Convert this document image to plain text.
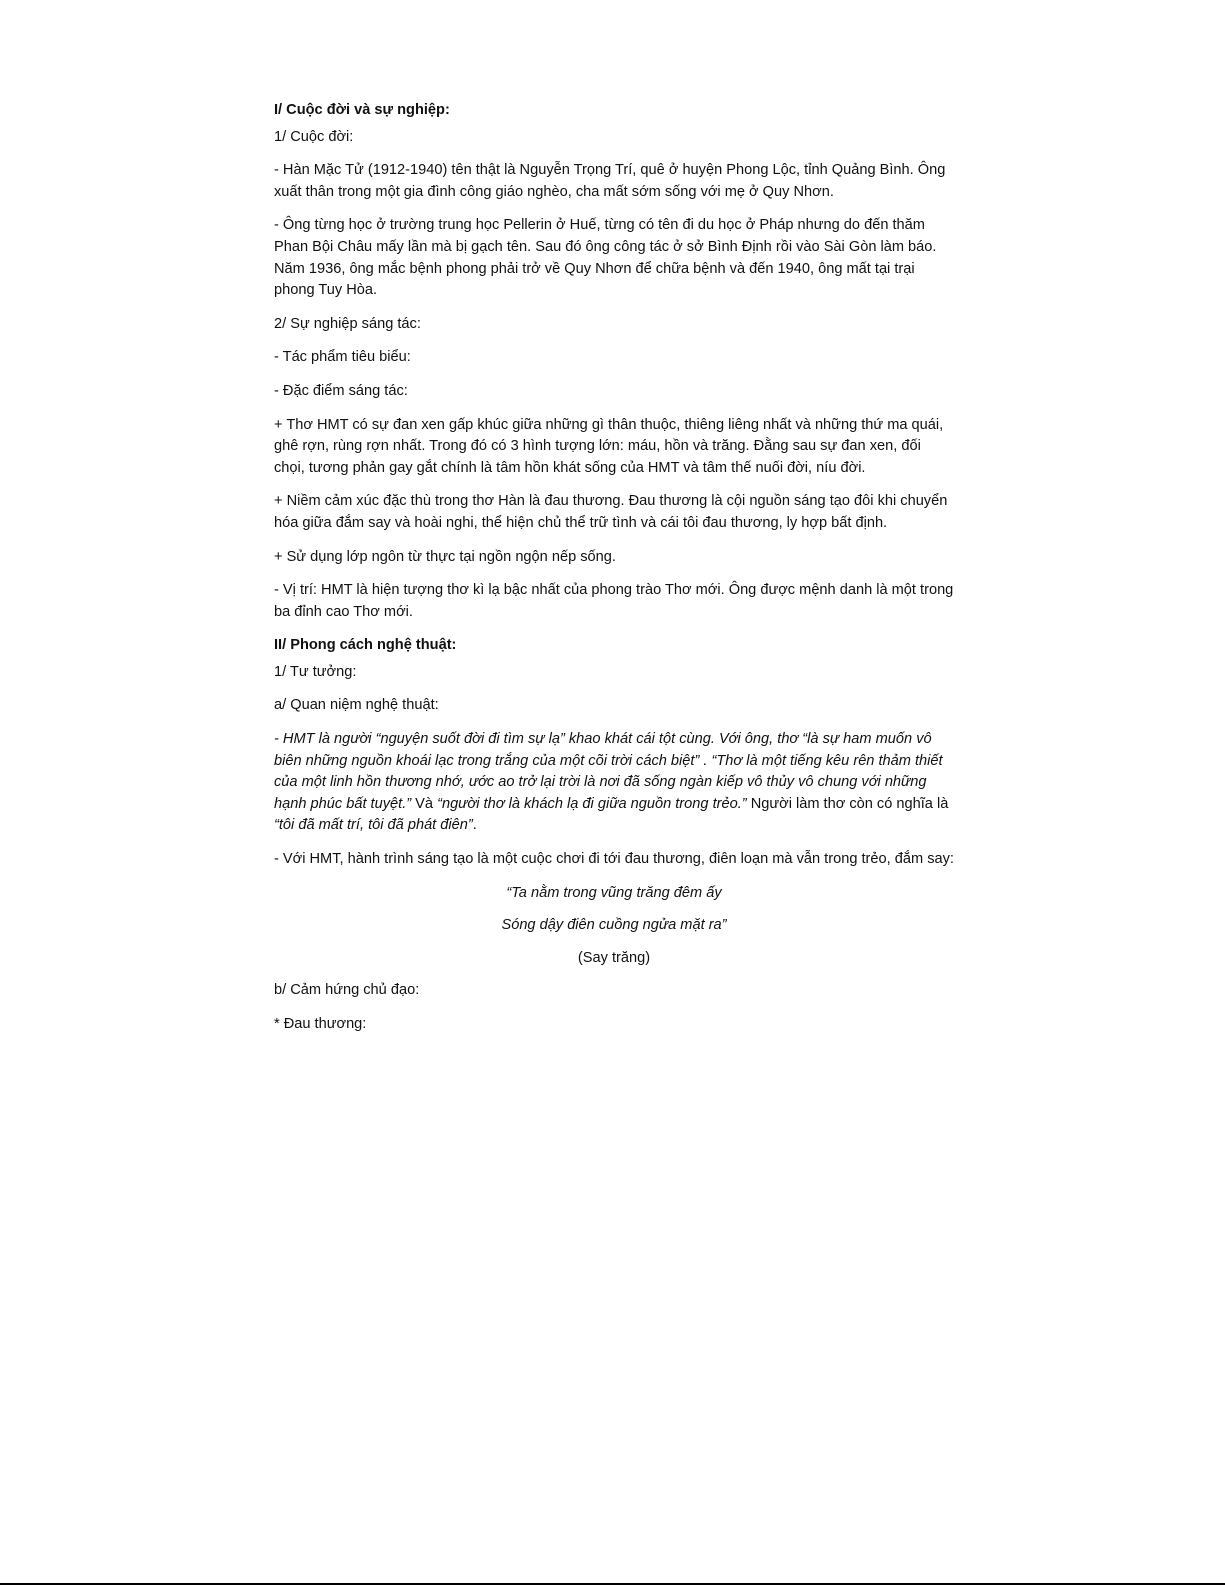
I/ Cuộc đời và sự nghiệp:
1/ Cuộc đời:
- Hàn Mặc Tử (1912-1940) tên thật là Nguyễn Trọng Trí, quê ở huyện Phong Lộc, tỉnh Quảng Bình. Ông xuất thân trong một gia đình công giáo nghèo, cha mất sớm sống với mẹ ở Quy Nhơn.
- Ông từng học ở trường trung học Pellerin ở Huế, từng có tên đi du học ở Pháp nhưng do đến thăm Phan Bội Châu mấy lần mà bị gạch tên. Sau đó ông công tác ở sở Bình Định rồi vào Sài Gòn làm báo. Năm 1936, ông mắc bệnh phong phải trở về Quy Nhơn để chữa bệnh và đến 1940, ông mất tại trại phong Tuy Hòa.
2/ Sự nghiệp sáng tác:
- Tác phẩm tiêu biểu:
- Đặc điểm sáng tác:
+ Thơ HMT có sự đan xen gấp khúc giữa những gì thân thuộc, thiêng liêng nhất và những thứ ma quái, ghê rợn, rùng rợn nhất. Trong đó có 3 hình tượng lớn: máu, hồn và trăng. Đằng sau sự đan xen, đối chọi, tương phản gay gắt chính là tâm hồn khát sống của HMT và tâm thế nuối đời, níu đời.
+ Niềm cảm xúc đặc thù trong thơ Hàn là đau thương. Đau thương là cội nguồn sáng tạo đôi khi chuyển hóa giữa đắm say và hoài nghi, thể hiện chủ thể trữ tình và cái tôi đau thương, ly hợp bất định.
+ Sử dụng lớp ngôn từ thực tại ngồn ngộn nếp sống.
- Vị trí: HMT là hiện tượng thơ kì lạ bậc nhất của phong trào Thơ mới. Ông được mệnh danh là một trong ba đỉnh cao Thơ mới.
II/ Phong cách nghệ thuật:
1/ Tư tưởng:
a/ Quan niệm nghệ thuật:
- HMT là người “nguyện suốt đời đi tìm sự lạ” khao khát cái tột cùng. Với ông, thơ “là sự ham muốn vô biên những nguồn khoái lạc trong trắng của một cõi trời cách biệt” . “Thơ là một tiếng kêu rên thảm thiết của một linh hồn thương nhớ, ước ao trở lại trời là nơi đã sống ngàn kiếp vô thủy vô chung với những hạnh phúc bất tuyệt.” Và “người thơ là khách lạ đi giữa nguồn trong trẻo.” Người làm thơ còn có nghĩa là “tôi đã mất trí, tôi đã phát điên”.
- Với HMT, hành trình sáng tạo là một cuộc chơi đi tới đau thương, điên loạn mà vẫn trong trẻo, đắm say:
“Ta nằm trong vũng trăng đêm ấy
Sóng dậy điên cuồng ngửa mặt ra”
(Say trăng)
b/ Cảm hứng chủ đạo:
* Đau thương:
